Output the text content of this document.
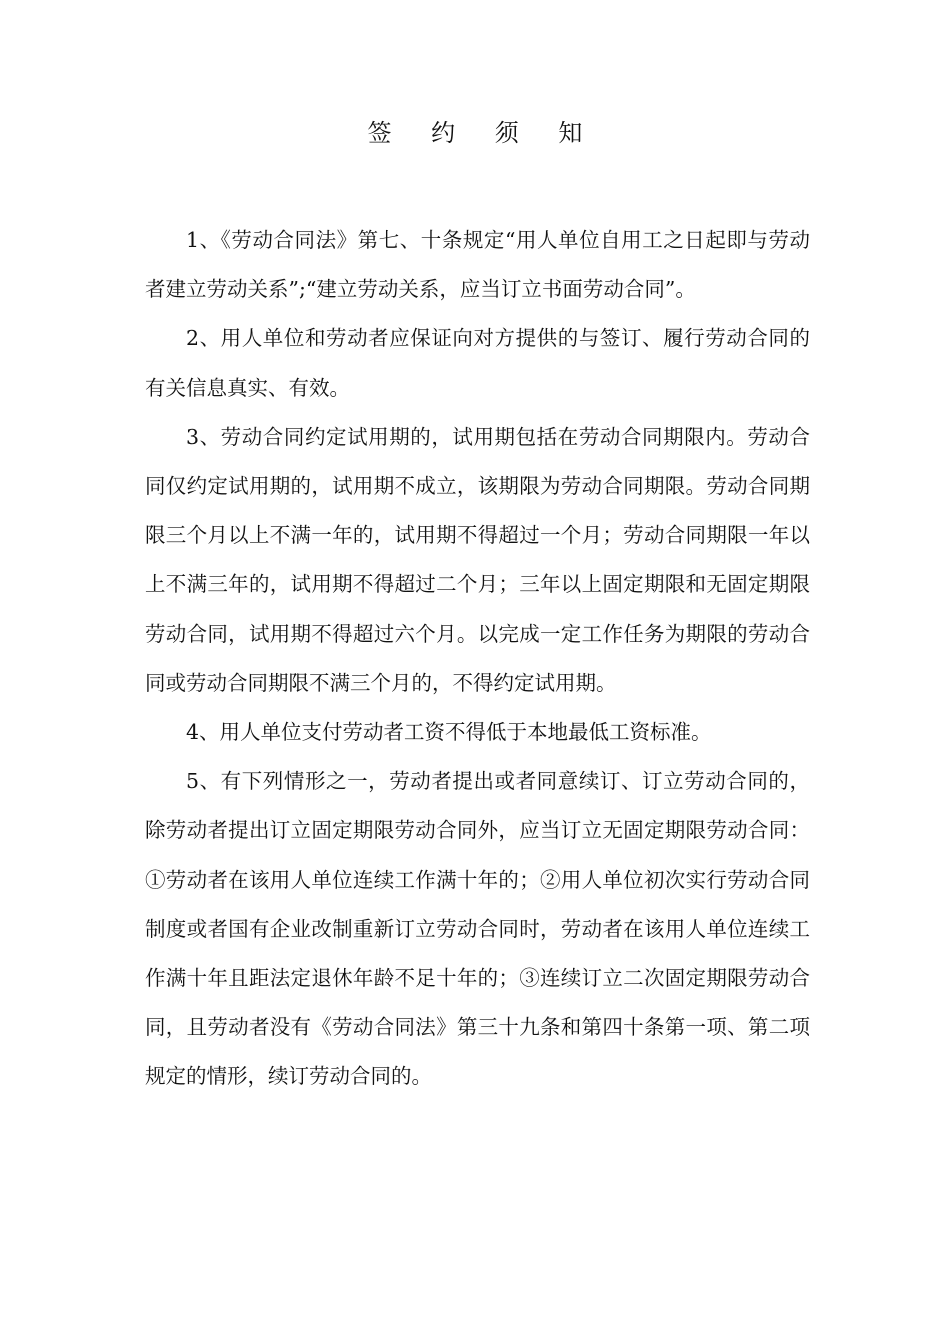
签 约 须 知

1、《劳动合同法》第七、十条规定“用人单位自用工之日起即与劳动者建立劳动关系”;“建立劳动关系，应当订立书面劳动合同”。

2、用人单位和劳动者应保证向对方提供的与签订、履行劳动合同的有关信息真实、有效。

3、劳动合同约定试用期的，试用期包括在劳动合同期限内。劳动合同仅约定试用期的，试用期不成立，该期限为劳动合同期限。劳动合同期限三个月以上不满一年的，试用期不得超过一个月；劳动合同期限一年以上不满三年的，试用期不得超过二个月；三年以上固定期限和无固定期限劳动合同，试用期不得超过六个月。以完成一定工作任务为期限的劳动合同或劳动合同期限不满三个月的，不得约定试用期。

4、用人单位支付劳动者工资不得低于本地最低工资标准。

5、有下列情形之一，劳动者提出或者同意续订、订立劳动合同的，除劳动者提出订立固定期限劳动合同外，应当订立无固定期限劳动合同：①劳动者在该用人单位连续工作满十年的；②用人单位初次实行劳动合同制度或者国有企业改制重新订立劳动合同时，劳动者在该用人单位连续工作满十年且距法定退休年龄不足十年的；③连续订立二次固定期限劳动合同，且劳动者没有《劳动合同法》第三十九条和第四十条第一项、第二项规定的情形，续订劳动合同的。
